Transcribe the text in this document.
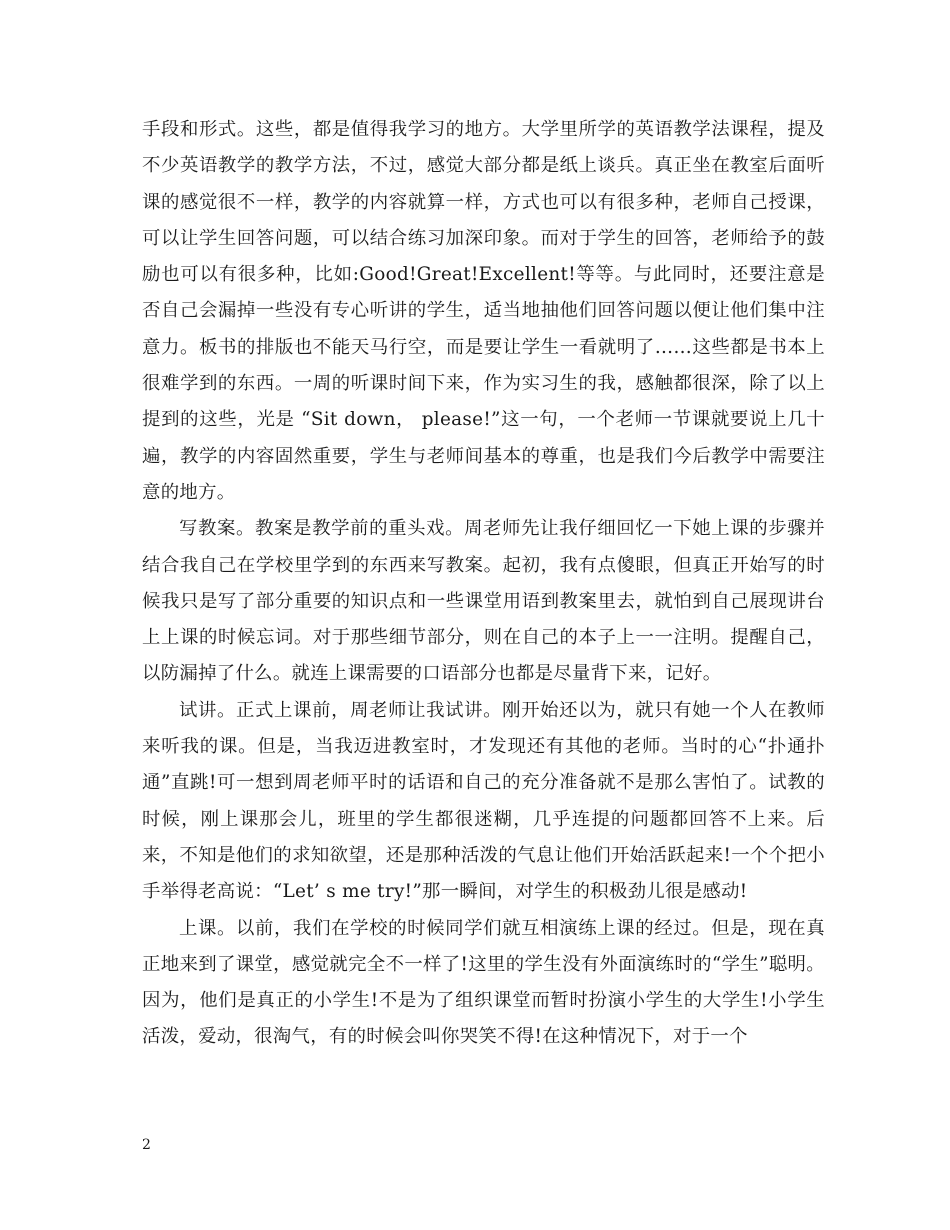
手段和形式。这些，都是值得我学习的地方。大学里所学的英语教学法课程，提及不少英语教学的教学方法，不过，感觉大部分都是纸上谈兵。真正坐在教室后面听课的感觉很不一样，教学的内容就算一样，方式也可以有很多种，老师自己授课，可以让学生回答问题，可以结合练习加深印象。而对于学生的回答，老师给予的鼓励也可以有很多种，比如:Good!Great!Excellent!等等。与此同时，还要注意是否自己会漏掉一些没有专心听讲的学生，适当地抽他们回答问题以便让他们集中注意力。板书的排版也不能天马行空，而是要让学生一看就明了……这些都是书本上很难学到的东西。一周的听课时间下来，作为实习生的我，感触都很深，除了以上提到的这些，光是 “Sit down， please!”这一句，一个老师一节课就要说上几十遍，教学的内容固然重要，学生与老师间基本的尊重，也是我们今后教学中需要注意的地方。

写教案。教案是教学前的重头戏。周老师先让我仔细回忆一下她上课的步骤并结合我自己在学校里学到的东西来写教案。起初，我有点傻眼，但真正开始写的时候我只是写了部分重要的知识点和一些课堂用语到教案里去，就怕到自己展现讲台上上课的时候忘词。对于那些细节部分，则在自己的本子上一一注明。提醒自己，以防漏掉了什么。就连上课需要的口语部分也都是尽量背下来，记好。

试讲。正式上课前，周老师让我试讲。刚开始还以为，就只有她一个人在教师来听我的课。但是，当我迈进教室时，才发现还有其他的老师。当时的心“扑通扑通”直跳!可一想到周老师平时的话语和自己的充分准备就不是那么害怕了。试教的时候，刚上课那会儿，班里的学生都很迷糊，几乎连提的问题都回答不上来。后来，不知是他们的求知欲望，还是那种活泼的气息让他们开始活跃起来!一个个把小手举得老高说：“Let’ s me try!”那一瞬间，对学生的积极劲儿很是感动!

上课。以前，我们在学校的时候同学们就互相演练上课的经过。但是，现在真正地来到了课堂，感觉就完全不一样了!这里的学生没有外面演练时的“学生”聪明。因为，他们是真正的小学生!不是为了组织课堂而暂时扮演小学生的大学生!小学生活泼，爱动，很淘气，有的时候会叫你哭笑不得!在这种情况下，对于一个

2
